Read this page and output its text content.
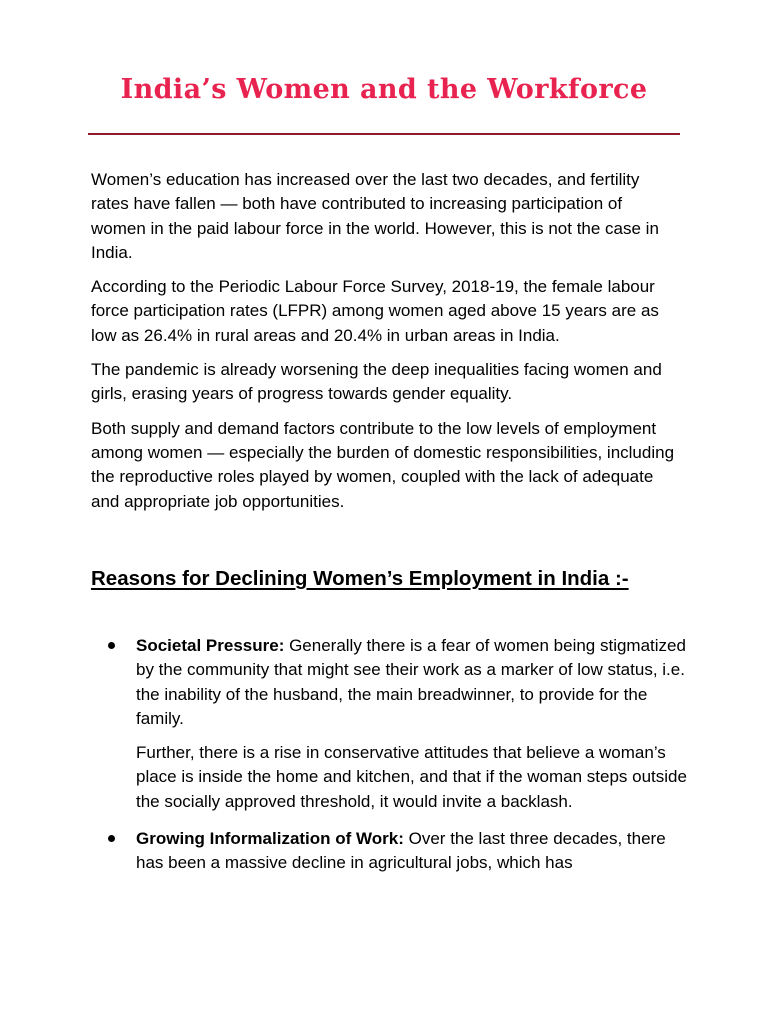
India’s Women and the Workforce

Women’s education has increased over the last two decades, and fertility rates have fallen — both have contributed to increasing participation of women in the paid labour force in the world. However, this is not the case in India.

According to the Periodic Labour Force Survey, 2018-19, the female labour force participation rates (LFPR) among women aged above 15 years are as low as 26.4% in rural areas and 20.4% in urban areas in India.

The pandemic is already worsening the deep inequalities facing women and girls, erasing years of progress towards gender equality.

Both supply and demand factors contribute to the low levels of employment among women — especially the burden of domestic responsibilities, including the reproductive roles played by women, coupled with the lack of adequate and appropriate job opportunities.

Reasons for Declining Women’s Employment in India :-

Societal Pressure: Generally there is a fear of women being stigmatized by the community that might see their work as a marker of low status, i.e. the inability of the husband, the main breadwinner, to provide for the family.

Further, there is a rise in conservative attitudes that believe a woman’s place is inside the home and kitchen, and that if the woman steps outside the socially approved threshold, it would invite a backlash.

Growing Informalization of Work: Over the last three decades, there has been a massive decline in agricultural jobs, which has
